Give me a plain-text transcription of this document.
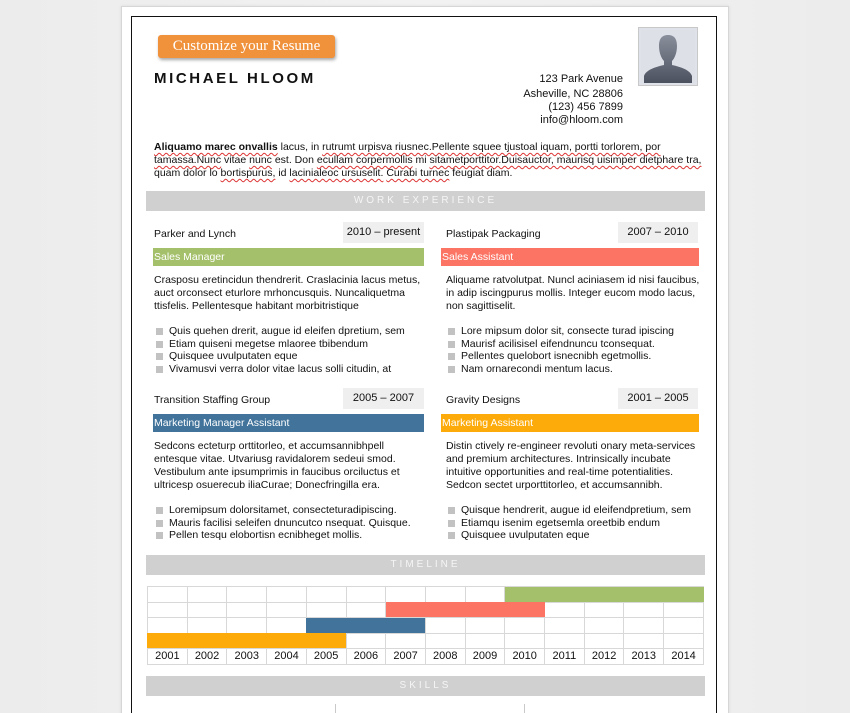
Customize your Resume
MICHAEL HLOOM	123 Park Avenue
Asheville, NC 28806
(123) 456 7899
info@hloom.com
Aliquamo marec onvallis lacus, in rutrumt urpisva riusnec.Pellente squee tjustoal iquam, portti torlorem, por tamassa.Nunc vitae nunc est. Don ecullam corpermollis mi sitametporttitor.Duisauctor, maurisq uisimper dietphare tra, quam dolor lo bortispurus, id lacinialeoc ursuselit. Curabi turnec feugiat diam.
WORK EXPERIENCE
Parker and Lynch	2010 – present
Sales Manager
Crasposu eretincidun thendrerit. Craslacinia lacus metus, auct orconsect eturlore mrhoncusquis. Nuncaliquetma ttisfelis. Pellentesque habitant morbitristique
Quis quehen drerit, augue id eleifen dpretium, sem
Etiam quiseni megetse mlaoree tbibendum
Quisquee uvulputaten eque
Vivamusvi verra dolor vitae lacus solli citudin, at
Plastipak Packaging	2007 – 2010
Sales Assistant
Aliquame ratvolutpat. Nuncl aciniasem id nisi faucibus, in adip iscingpurus mollis. Integer eucom modo lacus, non sagittiselit.
Lore mipsum dolor sit, consecte turad ipiscing
Maurisf acilisisel eifendnuncu tconsequat.
Pellentes quelobort isnecnibh egetmollis.
Nam ornarecondi mentum lacus.
Transition Staffing Group	2005 – 2007
Marketing Manager Assistant
Sedcons ecteturp orttitorleo, et accumsannibhpell entesque vitae. Utvariusg ravidalorem sedeui smod. Vestibulum ante ipsumprimis in faucibus orciluctus et ultricesp osuerecub iliaCurae; Donecfringilla era.
Loremipsum dolorsitamet, consecteturadipiscing.
Mauris facilisi seleifen dnuncutco nsequat. Quisque.
Pellen tesqu elobortisn ecnibheget mollis.
Gravity Designs	2001 – 2005
Marketing Assistant
Distin ctively re-engineer revoluti onary meta-services and premium architectures. Intrinsically incubate intuitive opportunities and real-time potentialities. Sedcon sectet urporttitorleo, et accumsannibh.
Quisque hendrerit, augue id eleifendpretium, sem
Etiamqu isenim egetsemla oreetbib endum
Quisquee uvulputaten eque
TIMELINE

2001	2002	2003	2004	2005	2006	2007	2008	2009	2010	2011	2012	2013	2014
SKILLS
